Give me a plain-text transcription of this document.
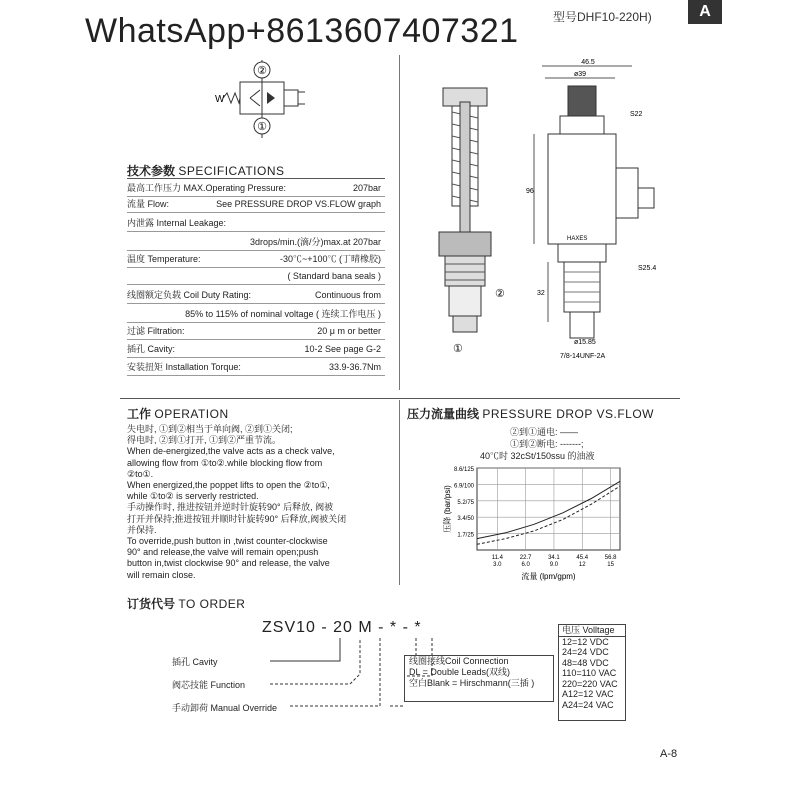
WhatsApp+8613607407321	型号DHF10-220H)	A
②
①
W
技术参数 SPECIFICATIONS
最高工作压力 MAX.Operating Pressure:	207bar
流量 Flow:	See PRESSURE DROP VS.FLOW graph
内泄露 Internal Leakage:
3drops/min.(滴/分)max.at 207bar
温度 Temperature:	-30℃~+100℃ (丁晴橡胶)
( Standard bana seals )
线圈额定负载 Coil Duty Rating:	Continuous from
85% to 115% of nominal voltage ( 连续工作电压 )
过滤 Filtration:	20 μ m or better
插孔 Cavity:	10-2 See page G-2
安装扭矩 Installation Torque:	33.9-36.7Nm
②
①
46.5
ø39
S22
HAXES
96
S25.4
32
ø15.85
7/8-14UNF-2A
工作 OPERATION
失电时, ①到②相当于单向阀, ②到①关闭;
得电时, ②到①打开, ①到②严重节流。
When de-energized,the valve acts as a check valve,
allowing flow from ①to②.while blocking flow from
②to①.
When energized,the poppet lifts to open the ②to①,
while ①to② is serverly restricted.
手动操作时, 推进按钮并逆时针旋转90° 后释放, 阀被
打开并保持;推进按钮并顺时针旋转90° 后释放,阀被关闭
并保持.
To override,push button in ,twist counter-clockwise
90° and release,the valve will remain open;push
button in,twist clockwise 90° and release, the valve
will remain close.
压力流量曲线 PRESSURE DROP VS.FLOW
②到①通电: ——
①到②断电: -------;
40℃时 32cSt/150ssu 的油液
1.7/25
3.4/50
5.2/75
6.9/100
8.6/125
11.4
3.0
22.7
6.0
34.1
9.0
45.4
12
56.8
15
流量 (lpm/gpm)
压降 (bar/psi)
订货代号 TO ORDER
ZSV10 - 20 M - * - *
插孔 Cavity
阀芯技能 Function
手动卸荷 Manual Override
线圈接线Coil Connection
DL = Double Leads(双线)
空白Blank = Hirschmann(三插 )
电压 Volltage
12=12 VDC
24=24 VDC
48=48 VDC
110=110 VAC
220=220 VAC
A12=12 VAC
A24=24 VAC
A-8
